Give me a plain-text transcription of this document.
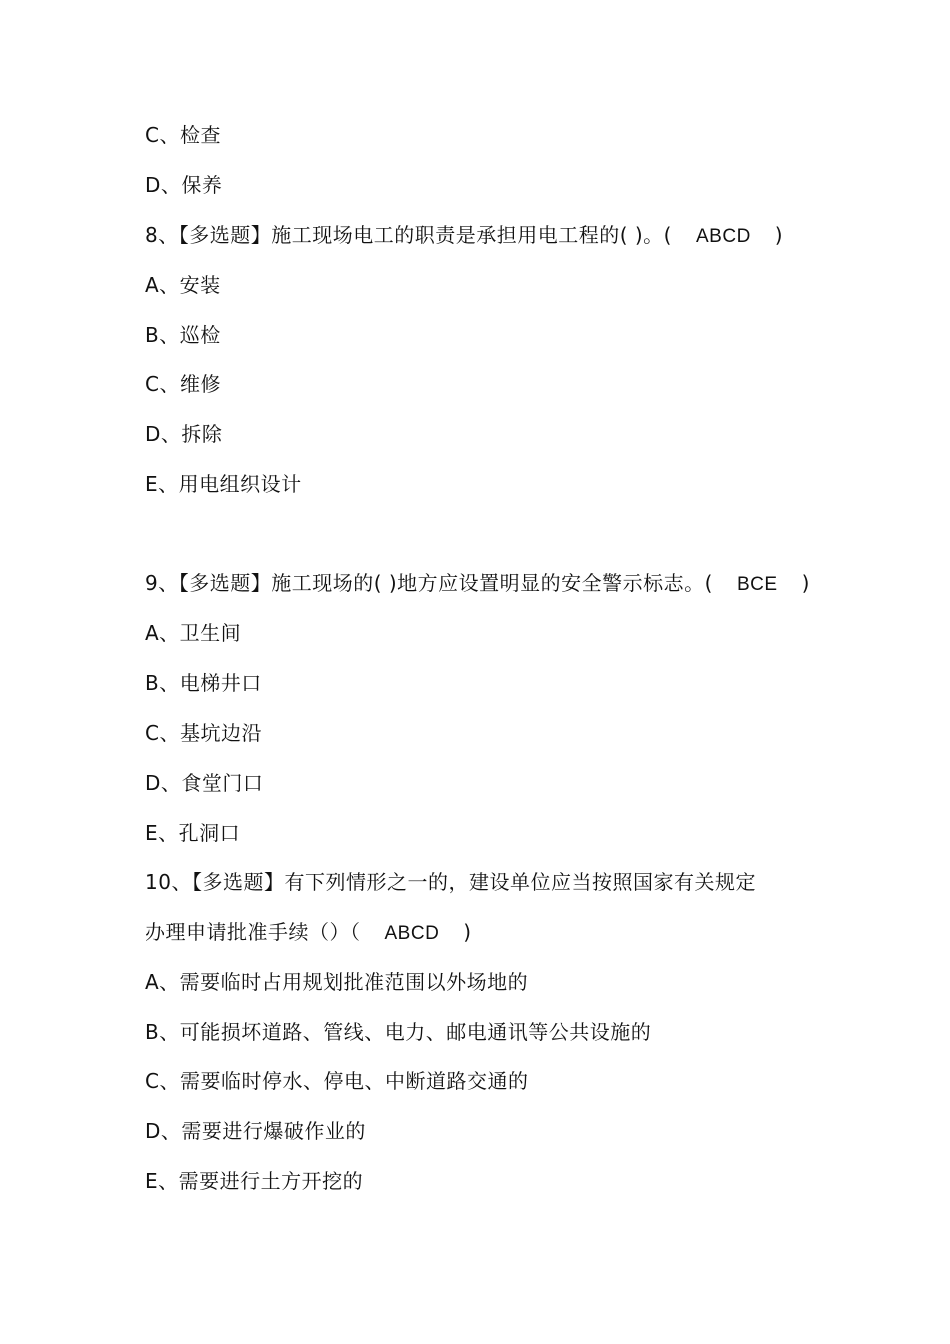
C、检查
D、保养
8、【多选题】施工现场电工的职责是承担用电工程的( )。( ABCD )
A、安装
B、巡检
C、维修
D、拆除
E、用电组织设计
9、【多选题】施工现场的( )地方应设置明显的安全警示标志。( BCE )
A、卫生间
B、电梯井口
C、基坑边沿
D、食堂门口
E、孔洞口
10、【多选题】有下列情形之一的，建设单位应当按照国家有关规定
办理申请批准手续（）（ ABCD )
A、需要临时占用规划批准范围以外场地的
B、可能损坏道路、管线、电力、邮电通讯等公共设施的
C、需要临时停水、停电、中断道路交通的
D、需要进行爆破作业的
E、需要进行土方开挖的
